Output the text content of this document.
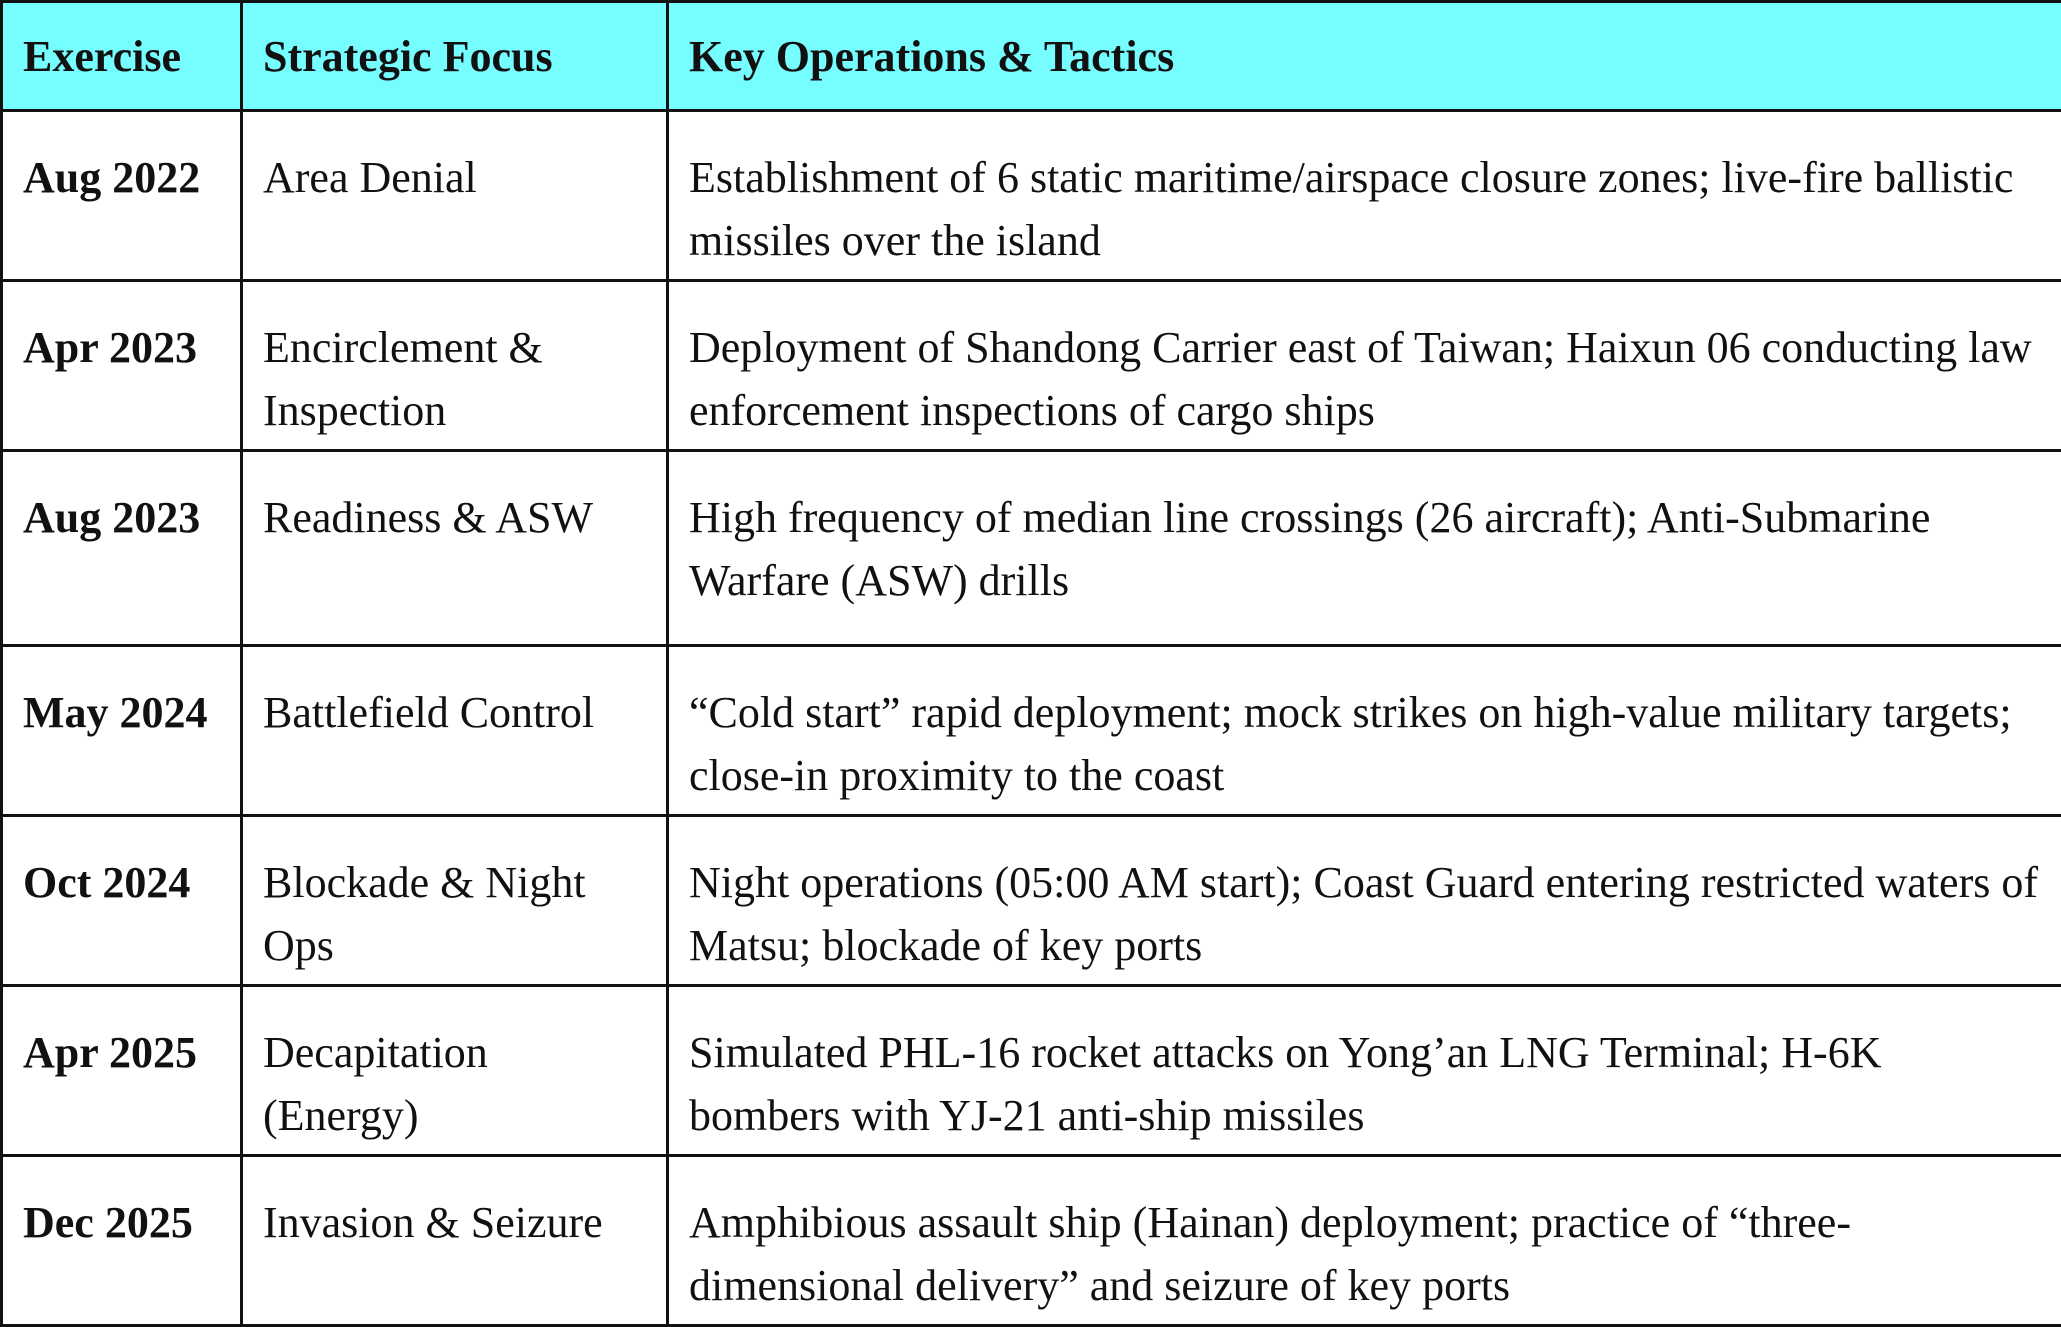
Exercise	Strategic Focus	Key Operations & Tactics
Aug 2022	Area Denial	Establishment of 6 static maritime/airspace closure zones; live-fire ballistic missiles over the island
Apr 2023	Encirclement & Inspection	Deployment of Shandong Carrier east of Taiwan; Haixun 06 conducting law enforcement inspections of cargo ships
Aug 2023	Readiness & ASW	High frequency of median line crossings (26 aircraft); Anti-Submarine Warfare (ASW) drills
May 2024	Battlefield Control	“Cold start” rapid deployment; mock strikes on high-value military targets; close-in proximity to the coast
Oct 2024	Blockade & Night Ops	Night operations (05:00 AM start); Coast Guard entering restricted waters of Matsu; blockade of key ports
Apr 2025	Decapitation (Energy)	Simulated PHL-16 rocket attacks on Yong’an LNG Terminal; H-6K bombers with YJ-21 anti-ship missiles
Dec 2025	Invasion & Seizure	Amphibious assault ship (Hainan) deployment; practice of “three-dimensional delivery” and seizure of key ports
